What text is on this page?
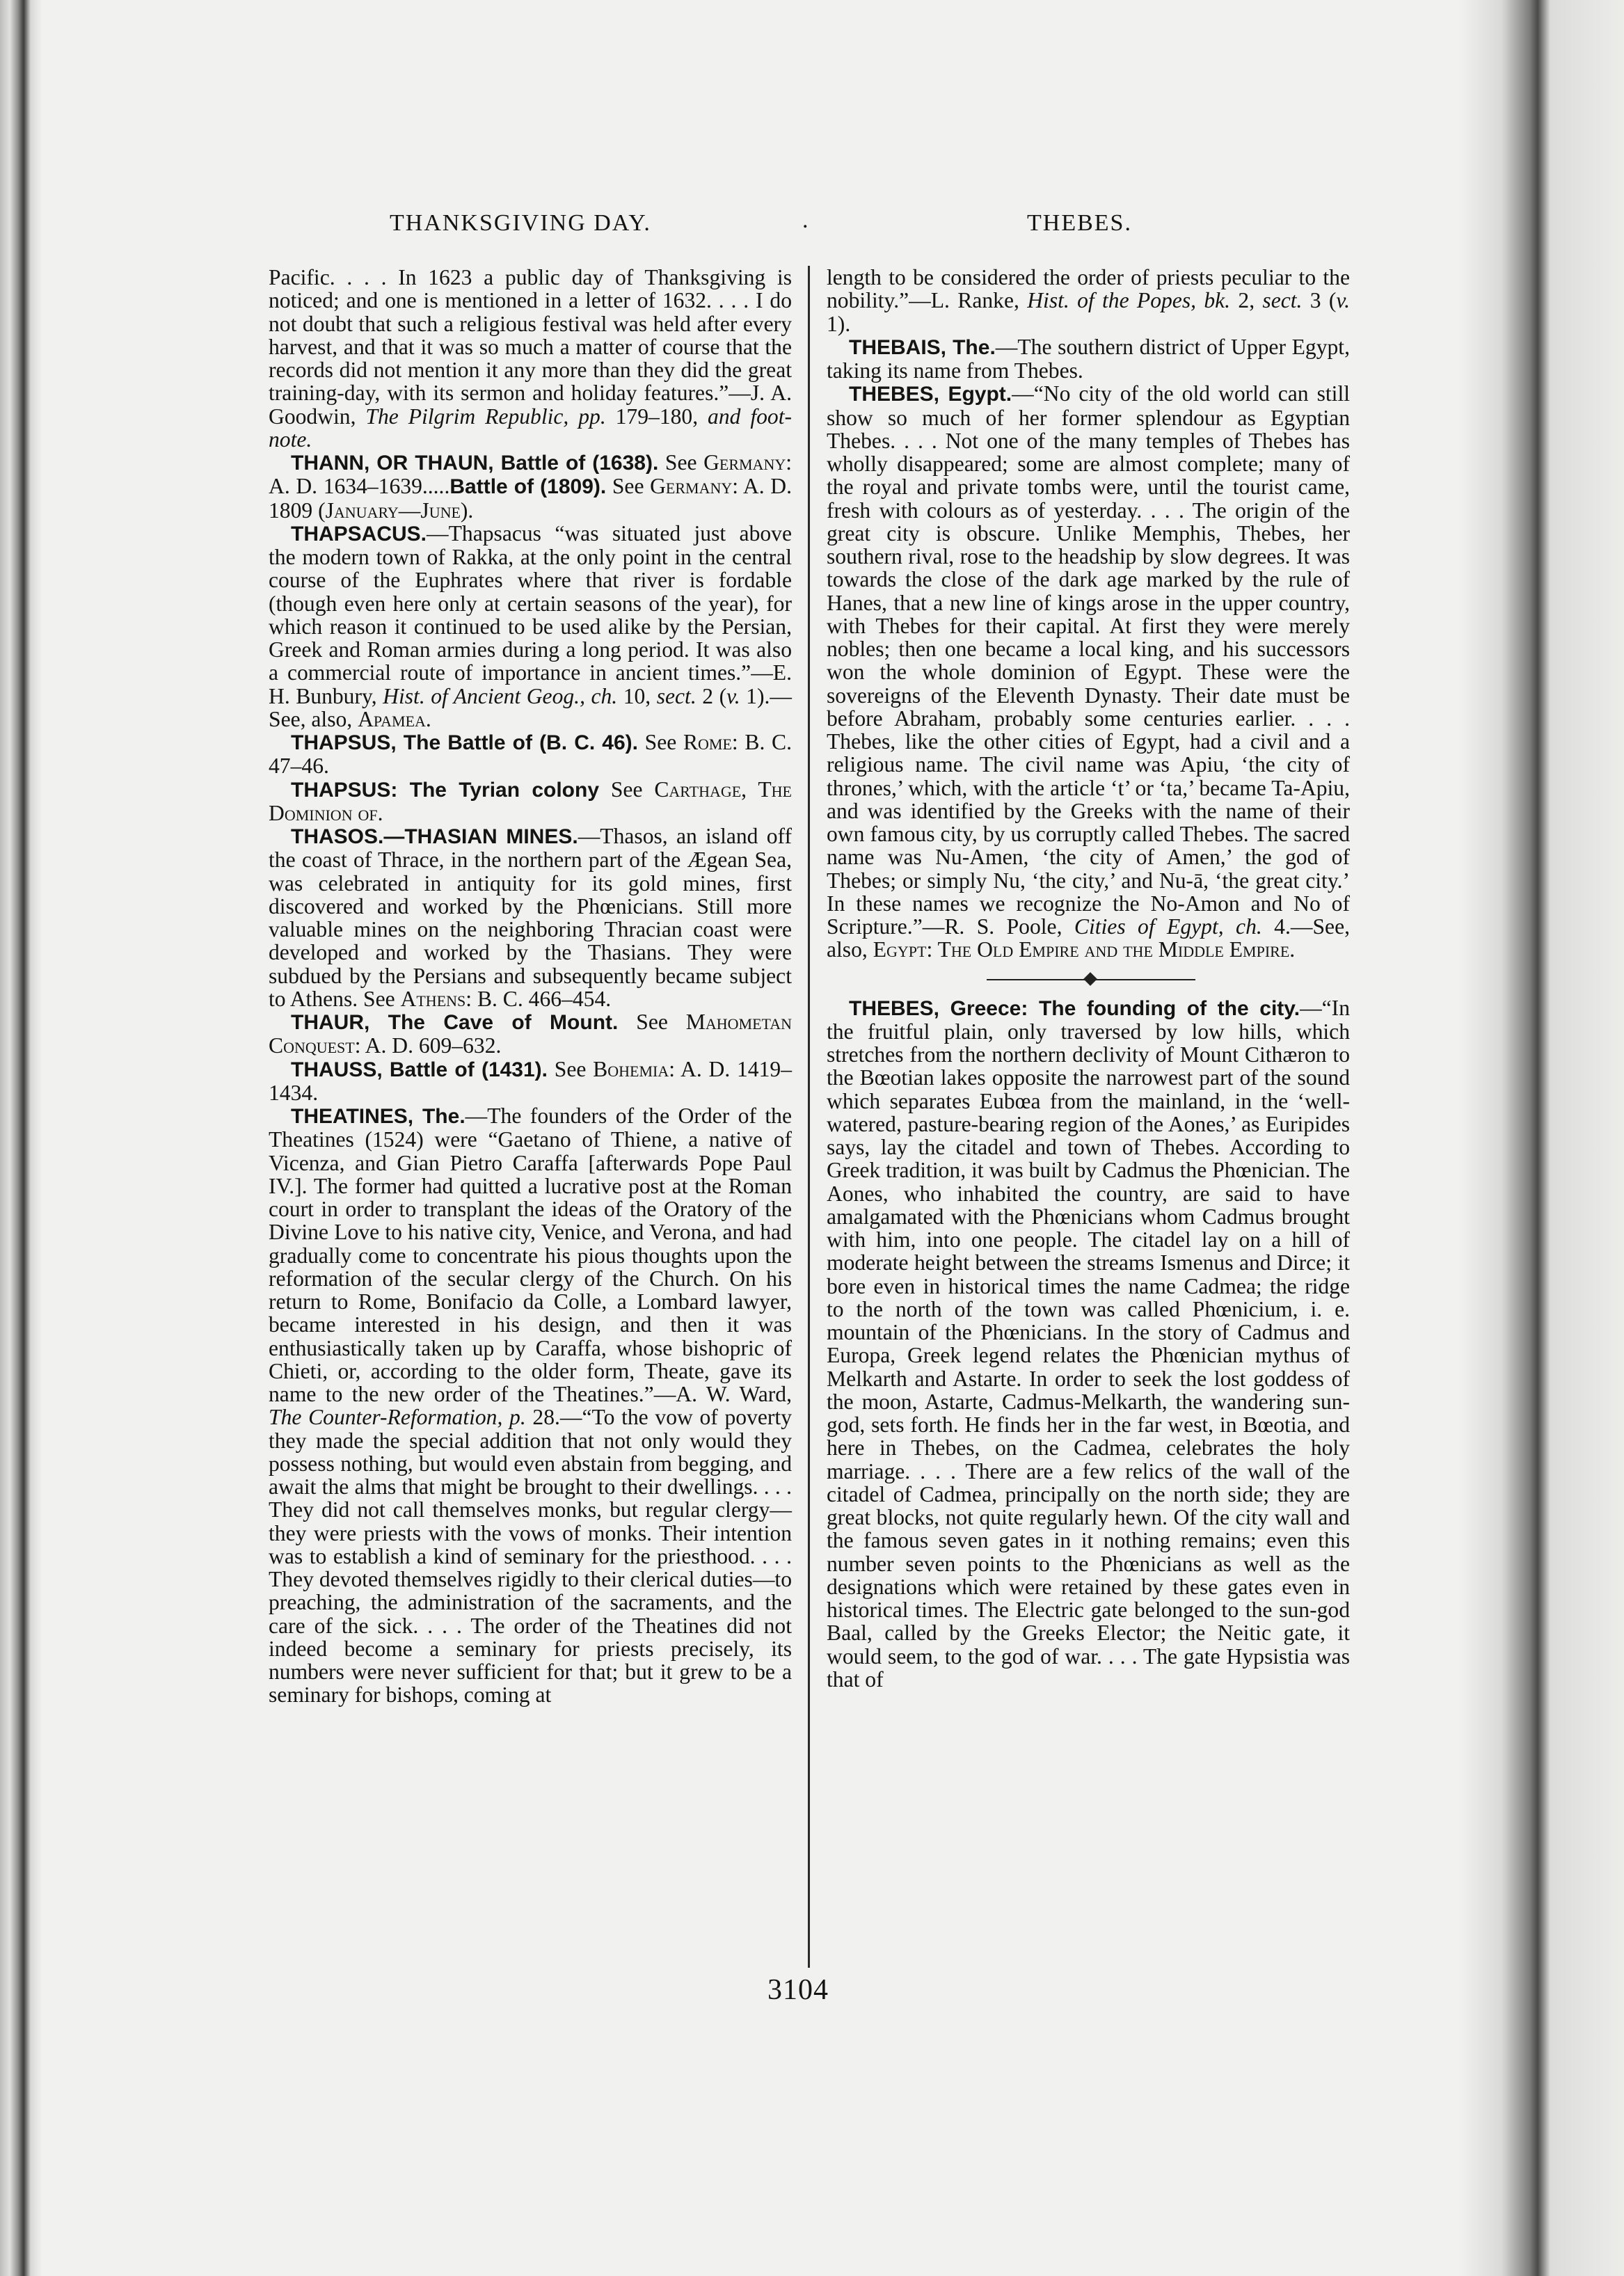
THANKSGIVING DAY.	.	THEBES.

Pacific. . . . In 1623 a public day of Thanksgiving is noticed; and one is mentioned in a letter of 1632. . . . I do not doubt that such a religious festival was held after every harvest, and that it was so much a matter of course that the records did not mention it any more than they did the great training-day, with its sermon and holiday features.”—J. A. Goodwin, The Pilgrim Republic, pp. 179–180, and foot-note.

THANN, OR THAUN, Battle of (1638). See Germany: A. D. 1634–1639.....Battle of (1809). See Germany: A. D. 1809 (January—June).

THAPSACUS.—Thapsacus “was situated just above the modern town of Rakka, at the only point in the central course of the Euphrates where that river is fordable (though even here only at certain seasons of the year), for which reason it continued to be used alike by the Persian, Greek and Roman armies during a long period. It was also a commercial route of importance in ancient times.”—E. H. Bunbury, Hist. of Ancient Geog., ch. 10, sect. 2 (v. 1).—See, also, Apamea.

THAPSUS, The Battle of (B. C. 46). See Rome: B. C. 47–46.

THAPSUS: The Tyrian colony See Carthage, The Dominion of.

THASOS.—THASIAN MINES.—Thasos, an island off the coast of Thrace, in the northern part of the Ægean Sea, was celebrated in antiquity for its gold mines, first discovered and worked by the Phœnicians. Still more valuable mines on the neighboring Thracian coast were developed and worked by the Thasians. They were subdued by the Persians and subsequently became subject to Athens. See Athens: B. C. 466–454.

THAUR, The Cave of Mount. See Mahometan Conquest: A. D. 609–632.

THAUSS, Battle of (1431). See Bohemia: A. D. 1419–1434.

THEATINES, The.—The founders of the Order of the Theatines (1524) were “Gaetano of Thiene, a native of Vicenza, and Gian Pietro Caraffa [afterwards Pope Paul IV.]. The former had quitted a lucrative post at the Roman court in order to transplant the ideas of the Oratory of the Divine Love to his native city, Venice, and Verona, and had gradually come to concentrate his pious thoughts upon the reformation of the secular clergy of the Church. On his return to Rome, Bonifacio da Colle, a Lombard lawyer, became interested in his design, and then it was enthusiastically taken up by Caraffa, whose bishopric of Chieti, or, according to the older form, Theate, gave its name to the new order of the Theatines.”—A. W. Ward, The Counter-Reformation, p. 28.—“To the vow of poverty they made the special addition that not only would they possess nothing, but would even abstain from begging, and await the alms that might be brought to their dwellings. . . . They did not call themselves monks, but regular clergy—they were priests with the vows of monks. Their intention was to establish a kind of seminary for the priesthood. . . . They devoted themselves rigidly to their clerical duties—to preaching, the administration of the sacraments, and the care of the sick. . . . The order of the Theatines did not indeed become a seminary for priests precisely, its numbers were never sufficient for that; but it grew to be a seminary for bishops, coming at

length to be considered the order of priests peculiar to the nobility.”—L. Ranke, Hist. of the Popes, bk. 2, sect. 3 (v. 1).

THEBAIS, The.—The southern district of Upper Egypt, taking its name from Thebes.

THEBES, Egypt.—“No city of the old world can still show so much of her former splendour as Egyptian Thebes. . . . Not one of the many temples of Thebes has wholly disappeared; some are almost complete; many of the royal and private tombs were, until the tourist came, fresh with colours as of yesterday. . . . The origin of the great city is obscure. Unlike Memphis, Thebes, her southern rival, rose to the headship by slow degrees. It was towards the close of the dark age marked by the rule of Hanes, that a new line of kings arose in the upper country, with Thebes for their capital. At first they were merely nobles; then one became a local king, and his successors won the whole dominion of Egypt. These were the sovereigns of the Eleventh Dynasty. Their date must be before Abraham, probably some centuries earlier. . . . Thebes, like the other cities of Egypt, had a civil and a religious name. The civil name was Apiu, ‘the city of thrones,’ which, with the article ‘t’ or ‘ta,’ became Ta-Apiu, and was identified by the Greeks with the name of their own famous city, by us corruptly called Thebes. The sacred name was Nu-Amen, ‘the city of Amen,’ the god of Thebes; or simply Nu, ‘the city,’ and Nu-ā, ‘the great city.’ In these names we recognize the No-Amon and No of Scripture.”—R. S. Poole, Cities of Egypt, ch. 4.—See, also, Egypt: The Old Empire and the Middle Empire.

THEBES, Greece: The founding of the city.—“In the fruitful plain, only traversed by low hills, which stretches from the northern declivity of Mount Cithæron to the Bœotian lakes opposite the narrowest part of the sound which separates Eubœa from the mainland, in the ‘well-watered, pasture-bearing region of the Aones,’ as Euripides says, lay the citadel and town of Thebes. According to Greek tradition, it was built by Cadmus the Phœnician. The Aones, who inhabited the country, are said to have amalgamated with the Phœnicians whom Cadmus brought with him, into one people. The citadel lay on a hill of moderate height between the streams Ismenus and Dirce; it bore even in historical times the name Cadmea; the ridge to the north of the town was called Phœnicium, i. e. mountain of the Phœnicians. In the story of Cadmus and Europa, Greek legend relates the Phœnician mythus of Melkarth and Astarte. In order to seek the lost goddess of the moon, Astarte, Cadmus-Melkarth, the wandering sun-god, sets forth. He finds her in the far west, in Bœotia, and here in Thebes, on the Cadmea, celebrates the holy marriage. . . . There are a few relics of the wall of the citadel of Cadmea, principally on the north side; they are great blocks, not quite regularly hewn. Of the city wall and the famous seven gates in it nothing remains; even this number seven points to the Phœnicians as well as the designations which were retained by these gates even in historical times. The Electric gate belonged to the sun-god Baal, called by the Greeks Elector; the Neitic gate, it would seem, to the god of war. . . . The gate Hypsistia was that of

3104
